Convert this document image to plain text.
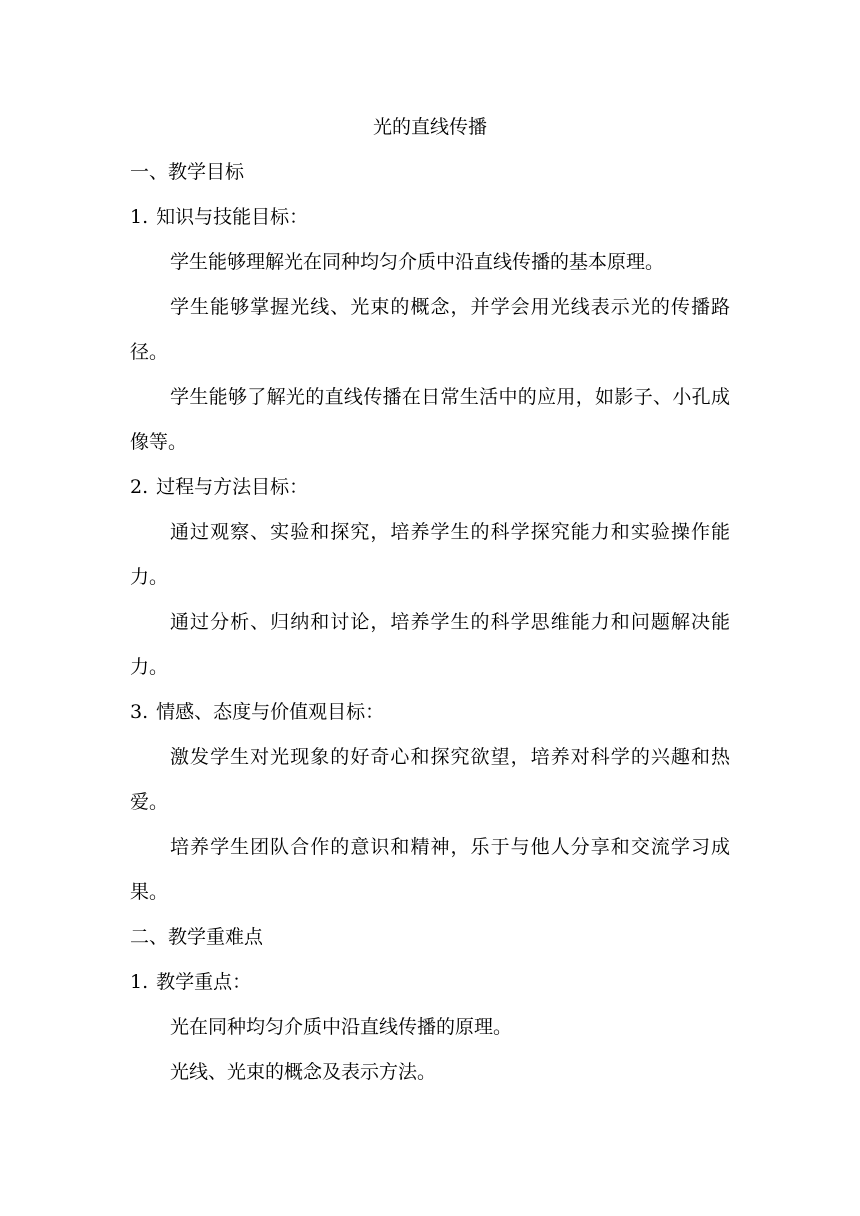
光的直线传播
一、教学目标
1. 知识与技能目标：

学生能够理解光在同种均匀介质中沿直线传播的基本原理。

学生能够掌握光线、光束的概念，并学会用光线表示光的传播路径。

学生能够了解光的直线传播在日常生活中的应用，如影子、小孔成像等。

2. 过程与方法目标：

通过观察、实验和探究，培养学生的科学探究能力和实验操作能力。

通过分析、归纳和讨论，培养学生的科学思维能力和问题解决能力。

3. 情感、态度与价值观目标：

激发学生对光现象的好奇心和探究欲望，培养对科学的兴趣和热爱。

培养学生团队合作的意识和精神，乐于与他人分享和交流学习成果。

二、教学重难点
1. 教学重点：

光在同种均匀介质中沿直线传播的原理。

光线、光束的概念及表示方法。
